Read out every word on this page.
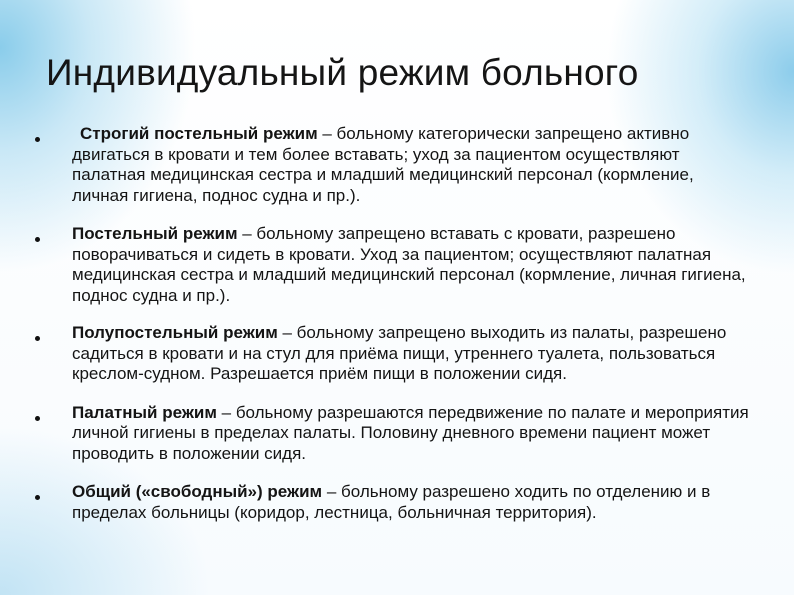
Индивидуальный режим больного
Строгий постельный режим – больному категорически запрещено активно двигаться в кровати и тем более вставать; уход за пациентом осуществляют палатная медицинская сестра и младший медицинский персонал (кормление, личная гигиена, поднос судна и пр.).
Постельный режим – больному запрещено вставать с кровати, разрешено поворачиваться и сидеть в кровати. Уход за пациентом; осуществляют палатная медицинская сестра и младший медицинский персонал (кормление, личная гигиена, поднос судна и пр.).
Полупостельный режим – больному запрещено выходить из палаты, разрешено садиться в кровати и на стул для приёма пищи, утреннего туалета, пользоваться креслом-судном. Разрешается приём пищи в положении сидя.
Палатный режим – больному разрешаются передвижение по палате и мероприятия личной гигиены в пределах палаты. Половину дневного времени пациент может проводить в положении сидя.
Общий («свободный») режим – больному разрешено ходить по отделению и в пределах больницы (коридор, лестница, больничная территория).
